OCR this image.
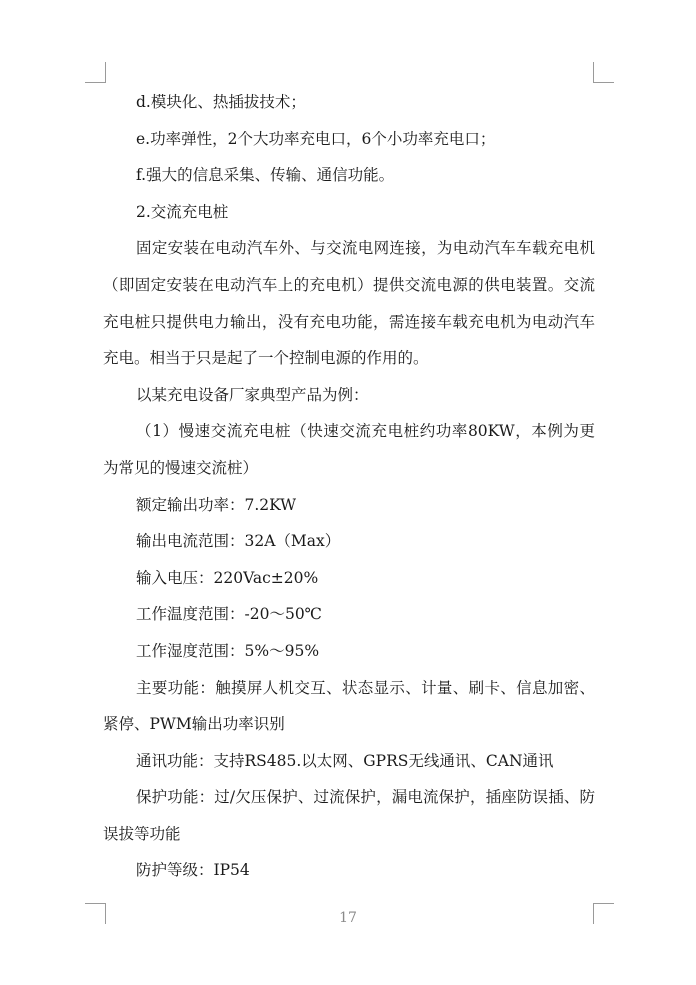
d.模块化、热插拔技术；

e.功率弹性，2个大功率充电口，6个小功率充电口；

f.强大的信息采集、传输、通信功能。

2.交流充电桩

固定安装在电动汽车外、与交流电网连接，为电动汽车车载充电机（即固定安装在电动汽车上的充电机）提供交流电源的供电装置。交流充电桩只提供电力输出，没有充电功能，需连接车载充电机为电动汽车充电。相当于只是起了一个控制电源的作用的。

以某充电设备厂家典型产品为例：

（1）慢速交流充电桩（快速交流充电桩约功率80KW，本例为更为常见的慢速交流桩）

额定输出功率：7.2KW

输出电流范围：32A（Max）

输入电压：220Vac±20%

工作温度范围：-20～50℃

工作湿度范围：5%～95%

主要功能：触摸屏人机交互、状态显示、计量、刷卡、信息加密、紧停、PWM输出功率识别

通讯功能：支持RS485.以太网、GPRS无线通讯、CAN通讯

保护功能：过/欠压保护、过流保护，漏电流保护，插座防误插、防误拔等功能

防护等级：IP54

17
